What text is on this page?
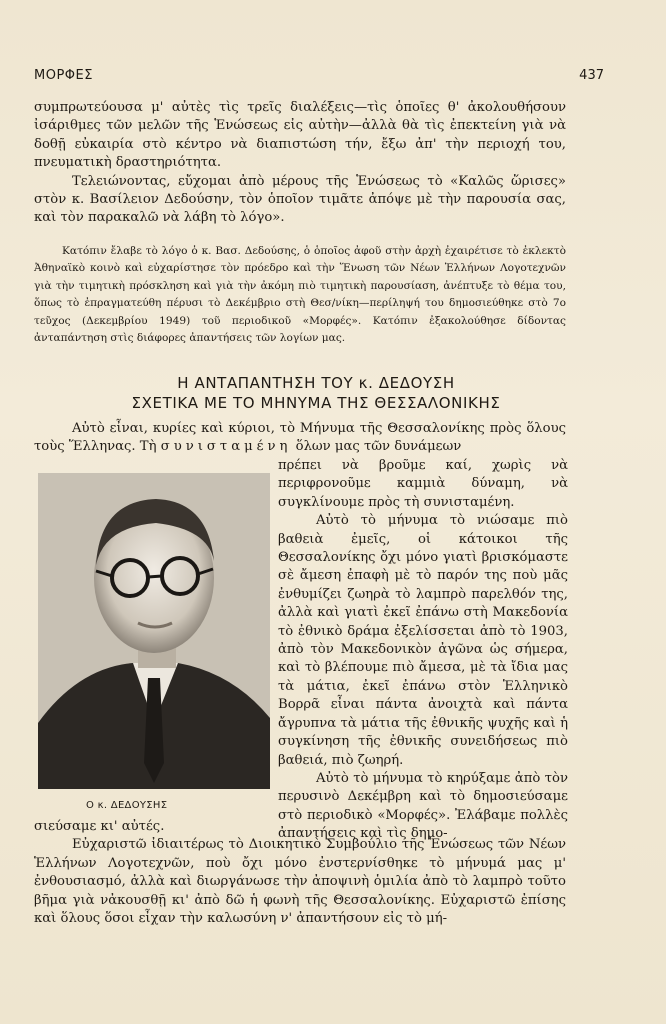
ΜΟΡΦΕΣ	437

συμπρωτεύουσα μ' αὐτὲς τὶς τρεῖς διαλέξεις—τὶς ὁποῖες θ' ἀκολουθήσουν ἰσάριθμες τῶν μελῶν τῆς Ἑνώσεως εἰς αὐτὴν—ἀλλὰ θὰ τὶς ἐπεκτείνη γιὰ νὰ δοθῇ εὐκαιρία στὸ κέντρο νὰ διαπιστώση τήν, ἔξω ἀπ' τὴν περιοχή του, πνευματικὴ δραστηριότητα.

Τελειώνοντας, εὔχομαι ἀπὸ μέρους τῆς Ἑνώσεως τὸ «Καλῶς ὥρισες» στὸν κ. Βασίλειον Δεδούσην, τὸν ὁποῖον τιμᾶτε ἀπόψε μὲ τὴν παρουσία σας, καὶ τὸν παρακαλῶ νὰ λάβη τὸ λόγο».

Κατόπιν ἔλαβε τὸ λόγο ὁ κ. Βασ. Δεδούσης, ὁ ὁποῖος ἀφοῦ στὴν ἀρχὴ ἐχαιρέτισε τὸ ἐκλεκτὸ Ἀθηναϊκὸ κοινὸ καὶ εὐχαρίστησε τὸν πρόεδρο καὶ τὴν Ἕνωση τῶν Νέων Ἑλλήνων Λογοτεχνῶν γιὰ τὴν τιμητικὴ πρόσκληση καὶ γιὰ τὴν ἀκόμη πιὸ τιμητικὴ παρουσίαση, ἀνέπτυξε τὸ θέμα του, ὅπως τὸ ἐπραγματεύθη πέρυσι τὸ Δεκέμβριο στὴ Θεσ/νίκη—περίληψή του δημοσιεύθηκε στὸ 7ο τεῦχος (Δεκεμβρίου 1949) τοῦ περιοδικοῦ «Μορφές». Κατόπιν ἐξακολούθησε δίδοντας ἀνταπάντηση στὶς διάφορες ἀπαντήσεις τῶν λογίων μας.

Η ΑΝΤΑΠΑΝΤΗΣΗ ΤΟΥ κ. ΔΕΔΟΥΣΗ
ΣΧΕΤΙΚΑ ΜΕ ΤΟ ΜΗΝΥΜΑ ΤΗΣ ΘΕΣΣΑΛΟΝΙΚΗΣ

Αὐτὸ εἶναι, κυρίες καὶ κύριοι, τὸ Μήνυμα τῆς Θεσσαλονίκης πρὸς ὅλους τοὺς Ἕλληνας. Τὴ συνισταμένη ὅλων μας τῶν δυνάμεων

Ο κ. ΔΕΔΟΥΣΗΣ

πρέπει νὰ βροῦμε καί, χωρὶς νὰ περιφρονοῦμε καμμιὰ δύναμη, νὰ συγκλίνουμε πρὸς τὴ συνισταμένη.

Αὐτὸ τὸ μήνυμα τὸ νιώσαμε πιὸ βαθειὰ ἐμεῖς, οἱ κάτοικοι τῆς Θεσσαλονίκης ὄχι μόνο γιατὶ βρισκόμαστε σὲ ἄμεση ἐπαφὴ μὲ τὸ παρόν της ποὺ μᾶς ἐνθυμίζει ζωηρὰ τὸ λαμπρὸ παρελθόν της, ἀλλὰ καὶ γιατὶ ἐκεῖ ἐπάνω στὴ Μακεδονία τὸ ἐθνικὸ δράμα ἐξελίσσεται ἀπὸ τὸ 1903, ἀπὸ τὸν Μακεδονικὸν ἀγῶνα ὡς σήμερα, καὶ τὸ βλέπουμε πιὸ ἄμεσα, μὲ τὰ ἴδια μας τὰ μάτια, ἐκεῖ ἐπάνω στὸν Ἑλληνικὸ Βορρᾶ εἶναι πάντα ἀνοιχτὰ καὶ πάντα ἄγρυπνα τὰ μάτια τῆς ἐθνικῆς ψυχῆς καὶ ἡ συγκίνηση τῆς ἐθνικῆς συνειδήσεως πιὸ βαθειά, πιὸ ζωηρή.

Αὐτὸ τὸ μήνυμα τὸ κηρύξαμε ἀπὸ τὸν περυσινὸ Δεκέμβρη καὶ τὸ δημοσιεύσαμε στὸ περιοδικὸ «Μορφές». Ἐλάβαμε πολλὲς ἀπαντήσεις καὶ τὶς δημο-

σιεύσαμε κι' αὐτές.

Εὐχαριστῶ ἰδιαιτέρως τὸ Διοικητικὸ Συμβούλιο τῆς Ἑνώσεως τῶν Νέων Ἑλλήνων Λογοτεχνῶν, ποὺ ὄχι μόνο ἐνστερνίσθηκε τὸ μήνυμά μας μ' ἐνθουσιασμό, ἀλλὰ καὶ διωργάνωσε τὴν ἀποψινὴ ὁμιλία ἀπὸ τὸ λαμπρὸ τοῦτο βῆμα γιὰ νἀκουσθῇ κι' ἀπὸ δῶ ἡ φωνὴ τῆς Θεσσαλονίκης. Εὐχαριστῶ ἐπίσης καὶ ὅλους ὅσοι εἶχαν τὴν καλωσύνη ν' ἀπαντήσουν εἰς τὸ μή-
